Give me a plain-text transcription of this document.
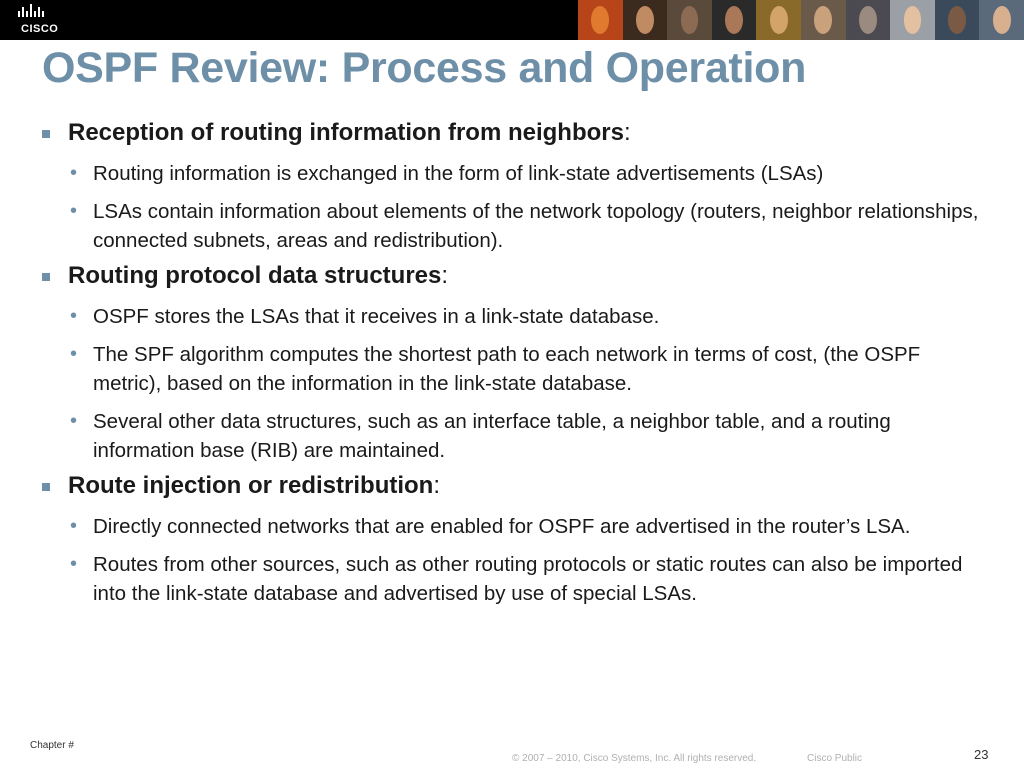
CISCO
OSPF Review: Process and Operation
Reception of routing information from neighbors:
• Routing information is exchanged in the form of link-state advertisements (LSAs)
• LSAs contain information about elements of the network topology (routers, neighbor relationships, connected subnets, areas and redistribution).
Routing protocol data structures:
• OSPF stores the LSAs that it receives in a link-state database.
• The SPF algorithm computes the shortest path to each network in terms of cost, (the OSPF metric), based on the information in the link-state database.
• Several other data structures, such as an interface table, a neighbor table, and a routing information base (RIB) are maintained.
Route injection or redistribution:
• Directly connected networks that are enabled for OSPF are advertised in the router’s LSA.
• Routes from other sources, such as other routing protocols or static routes can also be imported into the link-state database and advertised by use of special LSAs.
Chapter #
© 2007 – 2010, Cisco Systems, Inc. All rights reserved.	Cisco Public	23
